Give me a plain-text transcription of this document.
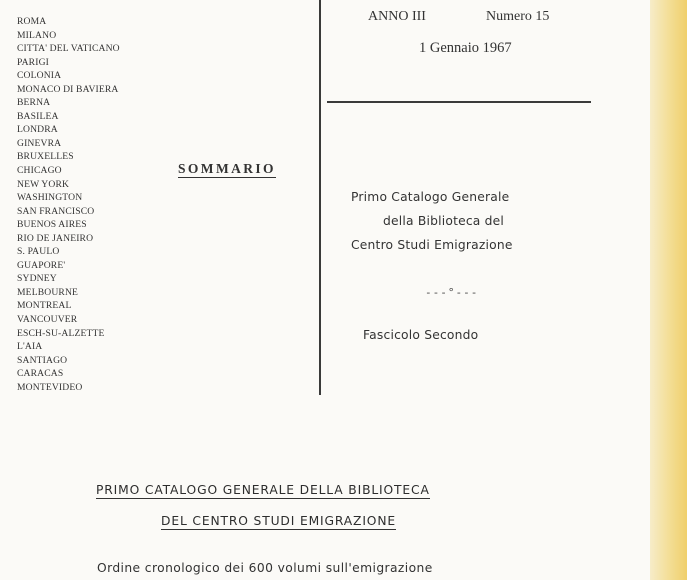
ROMA
MILANO
CITTA' DEL VATICANO
PARIGI
COLONIA
MONACO DI BAVIERA
BERNA
BASILEA
LONDRA
GINEVRA
BRUXELLES
CHICAGO
NEW YORK
WASHINGTON
SAN FRANCISCO
BUENOS AIRES
RIO DE JANEIRO
S. PAULO
GUAPORE'
SYDNEY
MELBOURNE
MONTREAL
VANCOUVER
ESCH-SU-ALZETTE
L'AIA
SANTIAGO
CARACAS
MONTEVIDEO
ANNO III	Numero 15
1 Gennaio 1967
SOMMARIO
Primo Catalogo Generale
della Biblioteca del
Centro Studi Emigrazione
---°---
Fascicolo Secondo
PRIMO CATALOGO GENERALE DELLA BIBLIOTECA
DEL CENTRO STUDI EMIGRAZIONE
Ordine cronologico dei 600 volumi sull'emigrazione
